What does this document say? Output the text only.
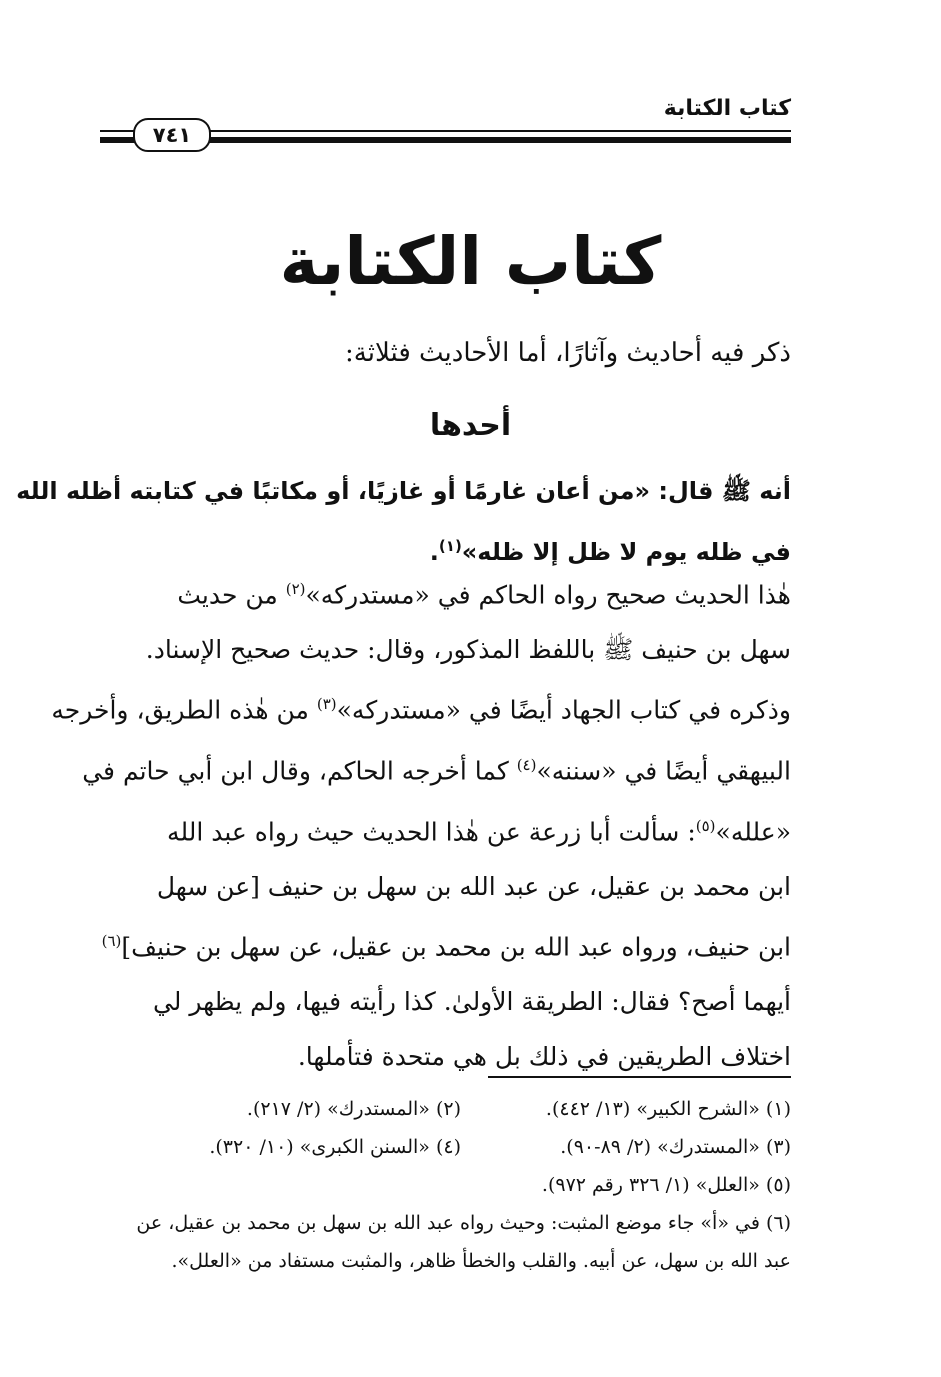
كتاب الكتابة
٧٤١
كتاب الكتابة
ذكر فيه أحاديث وآثارًا، أما الأحاديث فثلاثة:
أحدها
أنه ﷺ قال: «من أعان غارمًا أو غازيًا، أو مكاتبًا في كتابته أظله الله
في ظله يوم لا ظل إلا ظله»$^{(١)}$.
هٰذا الحديث صحيح رواه الحاكم في «مستدركه»$^{(٢)}$ من حديث
سهل بن حنيف ﷺ باللفظ المذكور، وقال: حديث صحيح الإسناد.
وذكره في كتاب الجهاد أيضًا في «مستدركه»$^{(٣)}$ من هٰذه الطريق، وأخرجه
البيهقي أيضًا في «سننه»$^{(٤)}$ كما أخرجه الحاكم، وقال ابن أبي حاتم في
«علله»$^{(٥)}$: سألت أبا زرعة عن هٰذا الحديث حيث رواه عبد الله
ابن محمد بن عقيل، عن عبد الله بن سهل بن حنيف [عن سهل
ابن حنيف، ورواه عبد الله بن محمد بن عقيل، عن سهل بن حنيف]$^{(٦)}$
أيهما أصح؟ فقال: الطريقة الأولىٰ. كذا رأيته فيها، ولم يظهر لي
اختلاف الطريقين في ذلك بل هي متحدة فتأملها.
(١) «الشرح الكبير» (١٣/ ٤٤٢).
(٢) «المستدرك» (٢/ ٢١٧).
(٣) «المستدرك» (٢/ ٨٩-٩٠).
(٤) «السنن الكبرى» (١٠/ ٣٢٠).
(٥) «العلل» (١/ ٣٢٦ رقم ٩٧٢).
(٦) في «أ» جاء موضع المثبت: وحيث رواه عبد الله بن سهل بن محمد بن عقيل، عن
عبد الله بن سهل، عن أبيه. والقلب والخطأ ظاهر، والمثبت مستفاد من «العلل».
